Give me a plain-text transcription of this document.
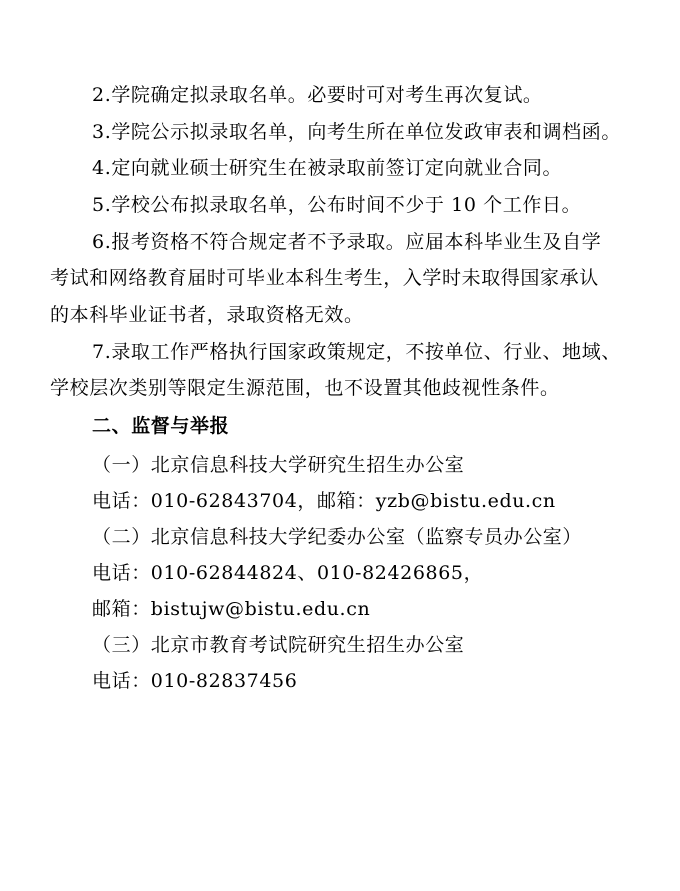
2.学院确定拟录取名单。必要时可对考生再次复试。
3.学院公示拟录取名单，向考生所在单位发政审表和调档函。
4.定向就业硕士研究生在被录取前签订定向就业合同。
5.学校公布拟录取名单，公布时间不少于 10 个工作日。
6.报考资格不符合规定者不予录取。应届本科毕业生及自学
考试和网络教育届时可毕业本科生考生，入学时未取得国家承认
的本科毕业证书者，录取资格无效。
7.录取工作严格执行国家政策规定，不按单位、行业、地域、
学校层次类别等限定生源范围，也不设置其他歧视性条件。
二、监督与举报
（一）北京信息科技大学研究生招生办公室
电话：010-62843704，邮箱：yzb@bistu.edu.cn
（二）北京信息科技大学纪委办公室（监察专员办公室）
电话：010-62844824、010-82426865，
邮箱：bistujw@bistu.edu.cn
（三）北京市教育考试院研究生招生办公室
电话：010-82837456
